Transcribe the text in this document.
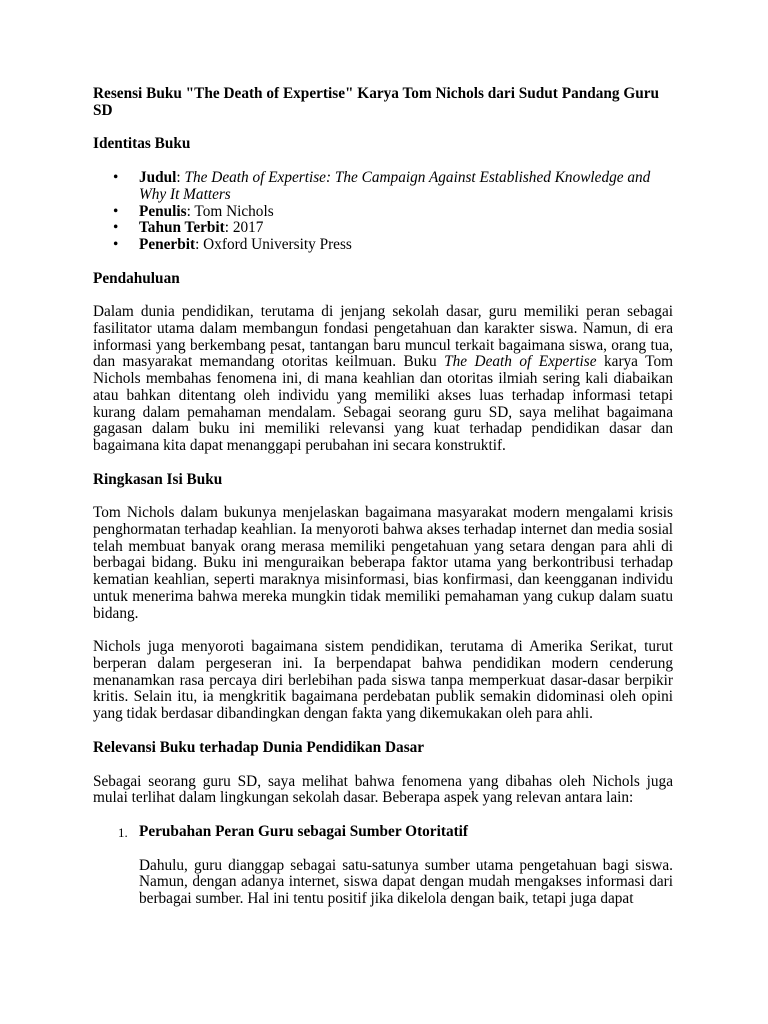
Resensi Buku "The Death of Expertise" Karya Tom Nichols dari Sudut Pandang Guru SD

Identitas Buku

• Judul: The Death of Expertise: The Campaign Against Established Knowledge and Why It Matters
• Penulis: Tom Nichols
• Tahun Terbit: 2017
• Penerbit: Oxford University Press

Pendahuluan

Dalam dunia pendidikan, terutama di jenjang sekolah dasar, guru memiliki peran sebagai fasilitator utama dalam membangun fondasi pengetahuan dan karakter siswa. Namun, di era informasi yang berkembang pesat, tantangan baru muncul terkait bagaimana siswa, orang tua, dan masyarakat memandang otoritas keilmuan. Buku The Death of Expertise karya Tom Nichols membahas fenomena ini, di mana keahlian dan otoritas ilmiah sering kali diabaikan atau bahkan ditentang oleh individu yang memiliki akses luas terhadap informasi tetapi kurang dalam pemahaman mendalam. Sebagai seorang guru SD, saya melihat bagaimana gagasan dalam buku ini memiliki relevansi yang kuat terhadap pendidikan dasar dan bagaimana kita dapat menanggapi perubahan ini secara konstruktif.

Ringkasan Isi Buku

Tom Nichols dalam bukunya menjelaskan bagaimana masyarakat modern mengalami krisis penghormatan terhadap keahlian. Ia menyoroti bahwa akses terhadap internet dan media sosial telah membuat banyak orang merasa memiliki pengetahuan yang setara dengan para ahli di berbagai bidang. Buku ini menguraikan beberapa faktor utama yang berkontribusi terhadap kematian keahlian, seperti maraknya misinformasi, bias konfirmasi, dan keengganan individu untuk menerima bahwa mereka mungkin tidak memiliki pemahaman yang cukup dalam suatu bidang.

Nichols juga menyoroti bagaimana sistem pendidikan, terutama di Amerika Serikat, turut berperan dalam pergeseran ini. Ia berpendapat bahwa pendidikan modern cenderung menanamkan rasa percaya diri berlebihan pada siswa tanpa memperkuat dasar-dasar berpikir kritis. Selain itu, ia mengkritik bagaimana perdebatan publik semakin didominasi oleh opini yang tidak berdasar dibandingkan dengan fakta yang dikemukakan oleh para ahli.

Relevansi Buku terhadap Dunia Pendidikan Dasar

Sebagai seorang guru SD, saya melihat bahwa fenomena yang dibahas oleh Nichols juga mulai terlihat dalam lingkungan sekolah dasar. Beberapa aspek yang relevan antara lain:

1. Perubahan Peran Guru sebagai Sumber Otoritatif

Dahulu, guru dianggap sebagai satu-satunya sumber utama pengetahuan bagi siswa. Namun, dengan adanya internet, siswa dapat dengan mudah mengakses informasi dari berbagai sumber. Hal ini tentu positif jika dikelola dengan baik, tetapi juga dapat
